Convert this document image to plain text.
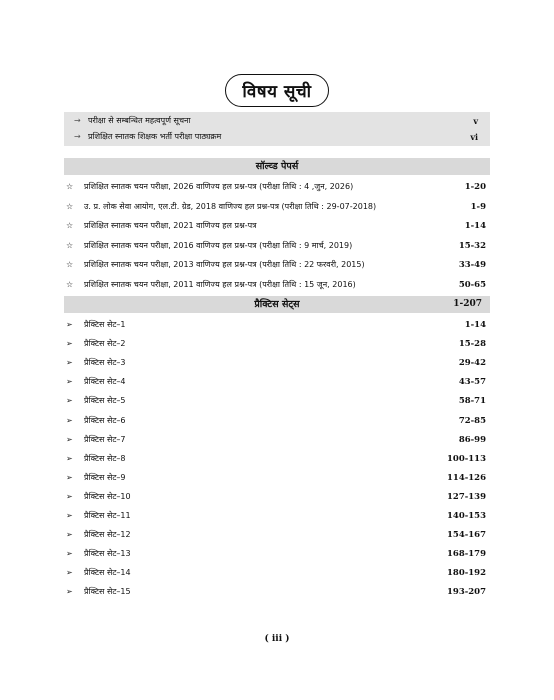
विषय सूची
→ परीक्षा से सम्बन्धित महत्वपूर्ण सूचना	v
→ प्रशिक्षित स्नातक शिक्षक भर्ती परीक्षा पाठ्यक्रम	vi
सॉल्व्ड पेपर्स
☆ प्रशिक्षित स्नातक चयन परीक्षा, 2026 वाणिज्य हल प्रश्न-पत्र (परीक्षा तिथि : 4 ,जुन, 2026)	1-20
☆ उ. प्र. लोक सेवा आयोग, एल.टी. ग्रेड, 2018 वाणिज्य हल प्रश्न-पत्र (परीक्षा तिथि : 29-07-2018)	1-9
☆ प्रशिक्षित स्नातक चयन परीक्षा, 2021 वाणिज्य हल प्रश्न-पत्र	1-14
☆ प्रशिक्षित स्नातक चयन परीक्षा, 2016 वाणिज्य हल प्रश्न-पत्र (परीक्षा तिथि : 9 मार्च, 2019)	15-32
☆ प्रशिक्षित स्नातक चयन परीक्षा, 2013 वाणिज्य हल प्रश्न-पत्र (परीक्षा तिथि : 22 फरवरी, 2015)	33-49
☆ प्रशिक्षित स्नातक चयन परीक्षा, 2011 वाणिज्य हल प्रश्न-पत्र (परीक्षा तिथि : 15 जून, 2016)	50-65
प्रैक्टिस सेट्स	1-207
➢ प्रैक्टिस सेट–1	1-14
➢ प्रैक्टिस सेट–2	15-28
➢ प्रैक्टिस सेट–3	29-42
➢ प्रैक्टिस सेट–4	43-57
➢ प्रैक्टिस सेट–5	58-71
➢ प्रैक्टिस सेट–6	72-85
➢ प्रैक्टिस सेट–7	86-99
➢ प्रैक्टिस सेट–8	100-113
➢ प्रैक्टिस सेट–9	114-126
➢ प्रैक्टिस सेट–10	127-139
➢ प्रैक्टिस सेट–11	140-153
➢ प्रैक्टिस सेट–12	154-167
➢ प्रैक्टिस सेट–13	168-179
➢ प्रैक्टिस सेट–14	180-192
➢ प्रैक्टिस सेट–15	193-207
( iii )
